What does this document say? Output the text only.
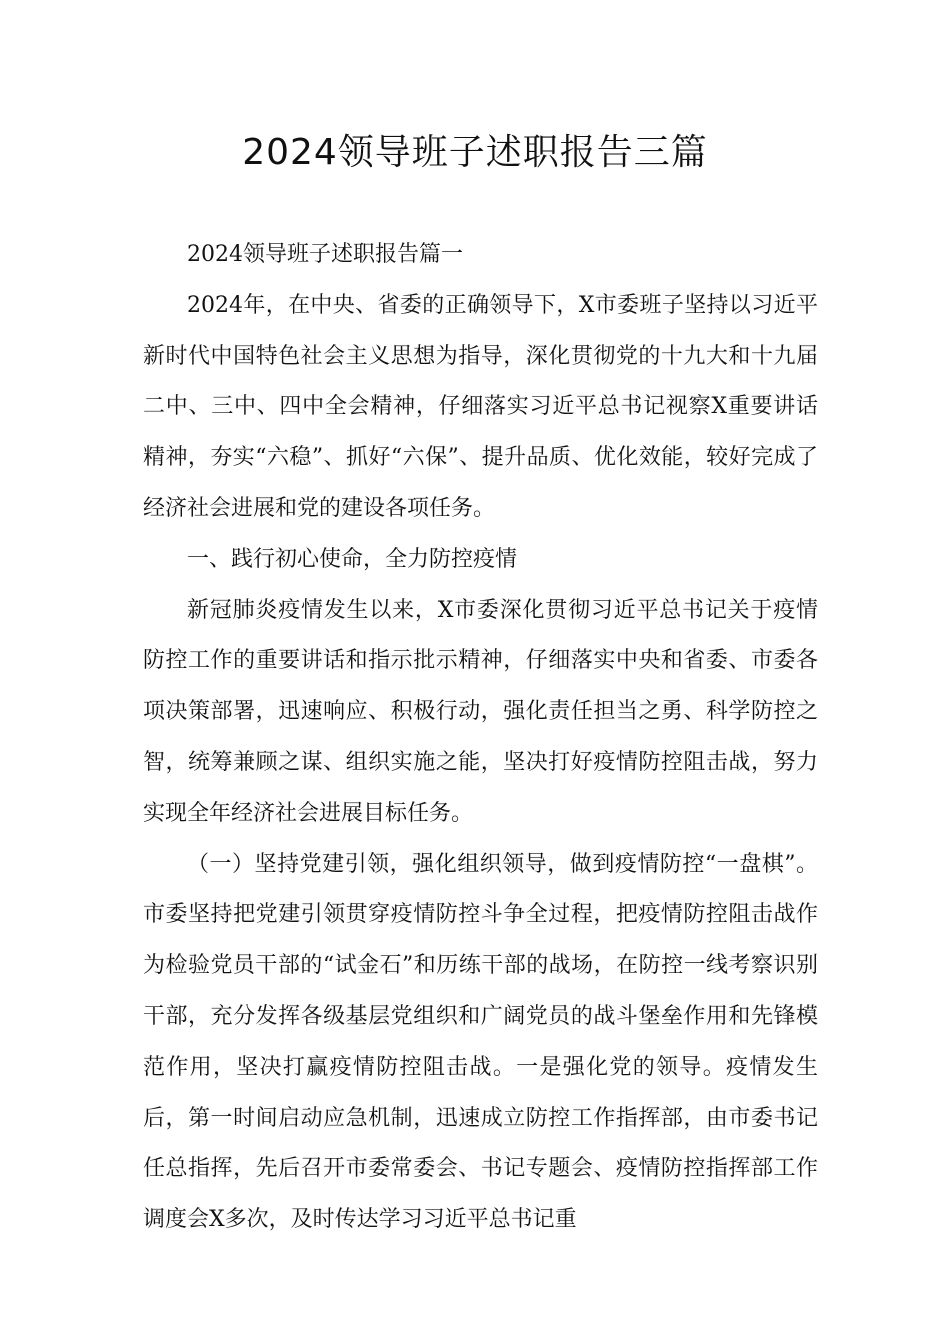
2024领导班子述职报告三篇

2024领导班子述职报告篇一

2024年，在中央、省委的正确领导下，X市委班子坚持以习近平新时代中国特色社会主义思想为指导，深化贯彻党的十九大和十九届二中、三中、四中全会精神，仔细落实习近平总书记视察X重要讲话精神，夯实“六稳”、抓好“六保”、提升品质、优化效能，较好完成了经济社会进展和党的建设各项任务。

一、践行初心使命，全力防控疫情

新冠肺炎疫情发生以来，X市委深化贯彻习近平总书记关于疫情防控工作的重要讲话和指示批示精神，仔细落实中央和省委、市委各项决策部署，迅速响应、积极行动，强化责任担当之勇、科学防控之智，统筹兼顾之谋、组织实施之能，坚决打好疫情防控阻击战，努力实现全年经济社会进展目标任务。

（一）坚持党建引领，强化组织领导，做到疫情防控“一盘棋”。市委坚持把党建引领贯穿疫情防控斗争全过程，把疫情防控阻击战作为检验党员干部的“试金石”和历练干部的战场，在防控一线考察识别干部，充分发挥各级基层党组织和广阔党员的战斗堡垒作用和先锋模范作用，坚决打赢疫情防控阻击战。一是强化党的领导。疫情发生后，第一时间启动应急机制，迅速成立防控工作指挥部，由市委书记任总指挥，先后召开市委常委会、书记专题会、疫情防控指挥部工作调度会X多次，及时传达学习习近平总书记重
